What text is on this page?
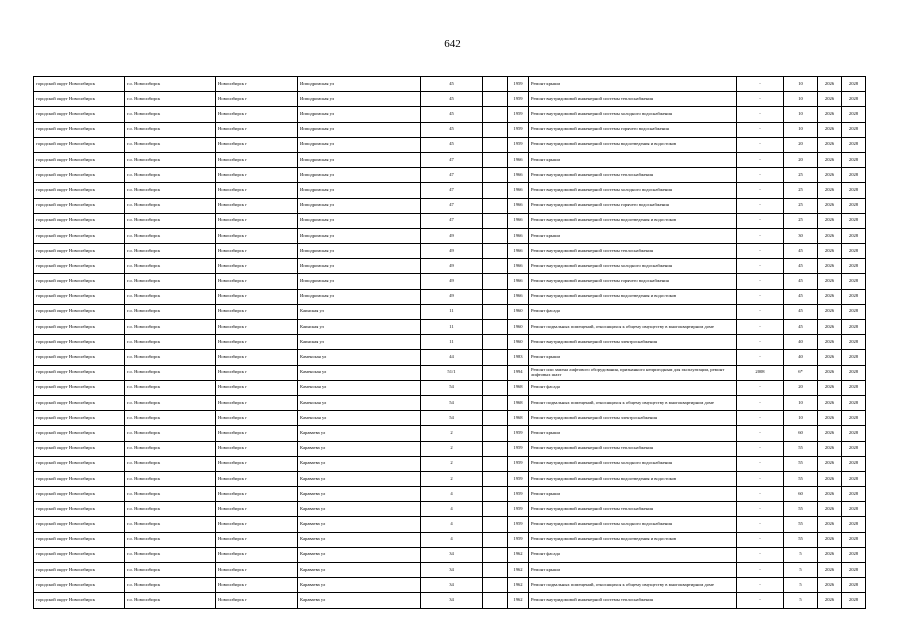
642
городской округ Новосибирск	г.о. Новосибирск	Новосибирск г	Ипподромская ул	45		1959	Ремонт крыши	-	10	2026	2028
городской округ Новосибирск	г.о. Новосибирск	Новосибирск г	Ипподромская ул	45		1959	Ремонт внутридомовой инженерной системы теплоснабжения	-	10	2026	2028
городской округ Новосибирск	г.о. Новосибирск	Новосибирск г	Ипподромская ул	45		1959	Ремонт внутридомовой инженерной системы холодного водоснабжения	-	10	2026	2028
городской округ Новосибирск	г.о. Новосибирск	Новосибирск г	Ипподромская ул	45		1959	Ремонт внутридомовой инженерной системы горячего водоснабжения	-	10	2026	2028
городской округ Новосибирск	г.о. Новосибирск	Новосибирск г	Ипподромская ул	45		1959	Ремонт внутридомовой инженерной системы водоотведения и водостоков	-	20	2026	2028
городской округ Новосибирск	г.о. Новосибирск	Новосибирск г	Ипподромская ул	47		1966	Ремонт крыши	-	20	2026	2028
городской округ Новосибирск	г.о. Новосибирск	Новосибирск г	Ипподромская ул	47		1966	Ремонт внутридомовой инженерной системы теплоснабжения	-	25	2026	2028
городской округ Новосибирск	г.о. Новосибирск	Новосибирск г	Ипподромская ул	47		1966	Ремонт внутридомовой инженерной системы холодного водоснабжения	-	25	2026	2028
городской округ Новосибирск	г.о. Новосибирск	Новосибирск г	Ипподромская ул	47		1966	Ремонт внутридомовой инженерной системы горячего водоснабжения	-	25	2026	2028
городской округ Новосибирск	г.о. Новосибирск	Новосибирск г	Ипподромская ул	47		1966	Ремонт внутридомовой инженерной системы водоотведения и водостоков	-	25	2026	2028
городской округ Новосибирск	г.о. Новосибирск	Новосибирск г	Ипподромская ул	49		1966	Ремонт крыши	-	30	2026	2028
городской округ Новосибирск	г.о. Новосибирск	Новосибирск г	Ипподромская ул	49		1966	Ремонт внутридомовой инженерной системы теплоснабжения	-	45	2026	2028
городской округ Новосибирск	г.о. Новосибирск	Новосибирск г	Ипподромская ул	49		1966	Ремонт внутридомовой инженерной системы холодного водоснабжения	-	45	2026	2028
городской округ Новосибирск	г.о. Новосибирск	Новосибирск г	Ипподромская ул	49		1966	Ремонт внутридомовой инженерной системы горячего водоснабжения	-	45	2026	2028
городской округ Новосибирск	г.о. Новосибирск	Новосибирск г	Ипподромская ул	49		1966	Ремонт внутридомовой инженерной системы водоотведения и водостоков	-	45	2026	2028
городской округ Новосибирск	г.о. Новосибирск	Новосибирск г	Каинская ул	11		1960	Ремонт фасада	-	45	2026	2028
городской округ Новосибирск	г.о. Новосибирск	Новосибирск г	Каинская ул	11		1960	Ремонт подвальных помещений, относящихся к общему имуществу в многоквартирном доме	-	45	2026	2028
городской округ Новосибирск	г.о. Новосибирск	Новосибирск г	Каинская ул	11		1960	Ремонт внутридомовой инженерной системы электроснабжения	-	40	2026	2028
городской округ Новосибирск	г.о. Новосибирск	Новосибирск г	Каменская ул	44		1983	Ремонт крыши	-	40	2026	2028
городской округ Новосибирск	г.о. Новосибирск	Новосибирск г	Каменская ул	51/1		1994	Ремонт или замена лифтового оборудования, признанного непригодным для эксплуатации, ремонт лифтовых шахт	2008	6*	2026	2028
городской округ Новосибирск	г.о. Новосибирск	Новосибирск г	Каменская ул	54		1968	Ремонт фасада	-	20	2026	2028
городской округ Новосибирск	г.о. Новосибирск	Новосибирск г	Каменская ул	54		1968	Ремонт подвальных помещений, относящихся к общему имуществу в многоквартирном доме	-	10	2026	2028
городской округ Новосибирск	г.о. Новосибирск	Новосибирск г	Каменская ул	54		1968	Ремонт внутридомовой инженерной системы электроснабжения	-	10	2026	2028
городской округ Новосибирск	г.о. Новосибирск	Новосибирск г	Караваева ул	2		1959	Ремонт крыши	-	60	2026	2028
городской округ Новосибирск	г.о. Новосибирск	Новосибирск г	Караваева ул	2		1959	Ремонт внутридомовой инженерной системы теплоснабжения	-	55	2026	2028
городской округ Новосибирск	г.о. Новосибирск	Новосибирск г	Караваева ул	2		1959	Ремонт внутридомовой инженерной системы холодного водоснабжения	-	55	2026	2028
городской округ Новосибирск	г.о. Новосибирск	Новосибирск г	Караваева ул	2		1959	Ремонт внутридомовой инженерной системы водоотведения и водостоков	-	55	2026	2028
городской округ Новосибирск	г.о. Новосибирск	Новосибирск г	Караваева ул	4		1959	Ремонт крыши	-	60	2026	2028
городской округ Новосибирск	г.о. Новосибирск	Новосибирск г	Караваева ул	4		1959	Ремонт внутридомовой инженерной системы теплоснабжения	-	55	2026	2028
городской округ Новосибирск	г.о. Новосибирск	Новосибирск г	Караваева ул	4		1959	Ремонт внутридомовой инженерной системы холодного водоснабжения	-	55	2026	2028
городской округ Новосибирск	г.о. Новосибирск	Новосибирск г	Караваева ул	4		1959	Ремонт внутридомовой инженерной системы водоотведения и водостоков	-	55	2026	2028
городской округ Новосибирск	г.о. Новосибирск	Новосибирск г	Караваева ул	34		1962	Ремонт фасада	-	5	2026	2028
городской округ Новосибирск	г.о. Новосибирск	Новосибирск г	Караваева ул	34		1962	Ремонт крыши	-	5	2026	2028
городской округ Новосибирск	г.о. Новосибирск	Новосибирск г	Караваева ул	34		1962	Ремонт подвальных помещений, относящихся к общему имуществу в многоквартирном доме	-	5	2026	2028
городской округ Новосибирск	г.о. Новосибирск	Новосибирск г	Караваева ул	34		1962	Ремонт внутридомовой инженерной системы теплоснабжения	-	5	2026	2028
